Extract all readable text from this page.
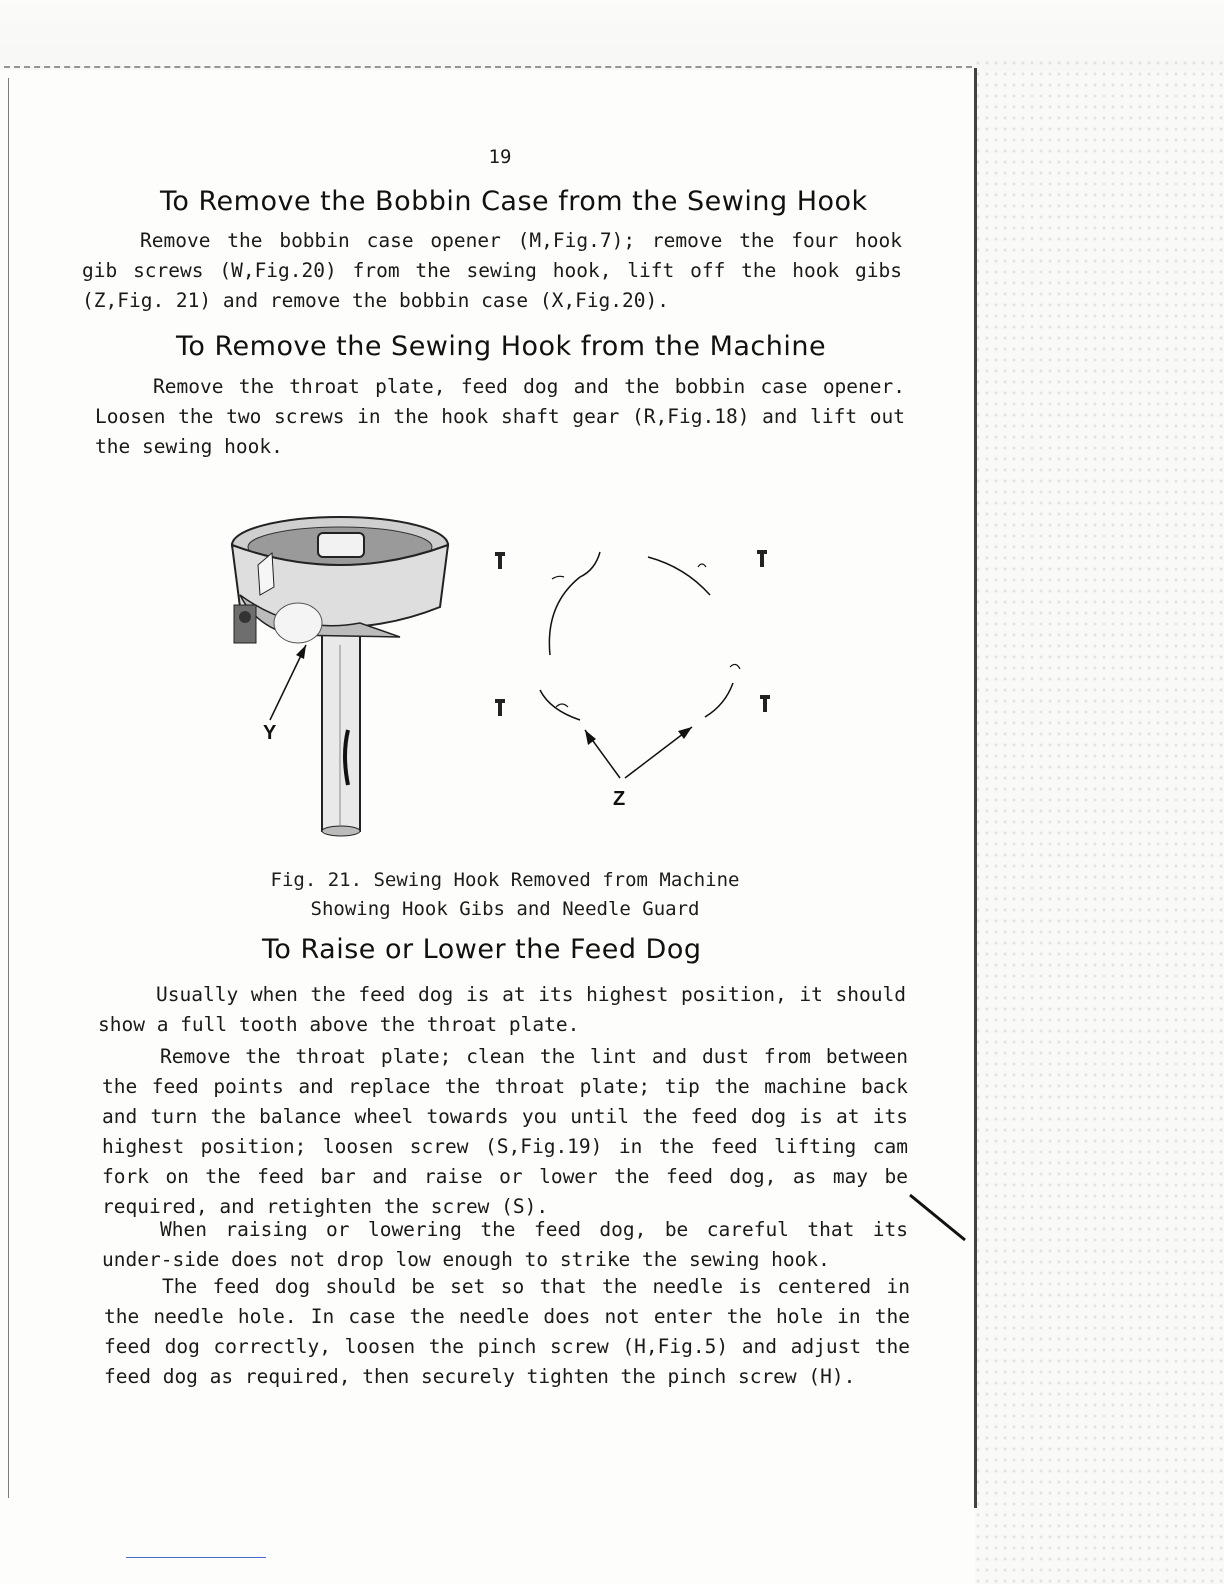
19
To Remove the Bobbin Case from the Sewing Hook

Remove the bobbin case opener (M,Fig.7); remove the four hook gib screws (W,Fig.20) from the sewing hook, lift off the hook gibs (Z,Fig. 21) and remove the bobbin case (X,Fig.20).

To Remove the Sewing Hook from the Machine

Remove the throat plate, feed dog and the bobbin case opener. Loosen the two screws in the hook shaft gear (R,Fig.18) and lift out the sewing hook.

Y
Z
Fig. 21. Sewing Hook Removed from Machine
Showing Hook Gibs and Needle Guard
To Raise or Lower the Feed Dog

Usually when the feed dog is at its highest position, it should show a full tooth above the throat plate.

Remove the throat plate; clean the lint and dust from between the feed points and replace the throat plate; tip the machine back and turn the balance wheel towards you until the feed dog is at its highest position; loosen screw (S,Fig.19) in the feed lifting cam fork on the feed bar and raise or lower the feed dog, as may be required, and retighten the screw (S).

When raising or lowering the feed dog, be careful that its under-side does not drop low enough to strike the sewing hook.

The feed dog should be set so that the needle is centered in the needle hole. In case the needle does not enter the hole in the feed dog correctly, loosen the pinch screw (H,Fig.5) and adjust the feed dog as required, then securely tighten the pinch screw (H).
